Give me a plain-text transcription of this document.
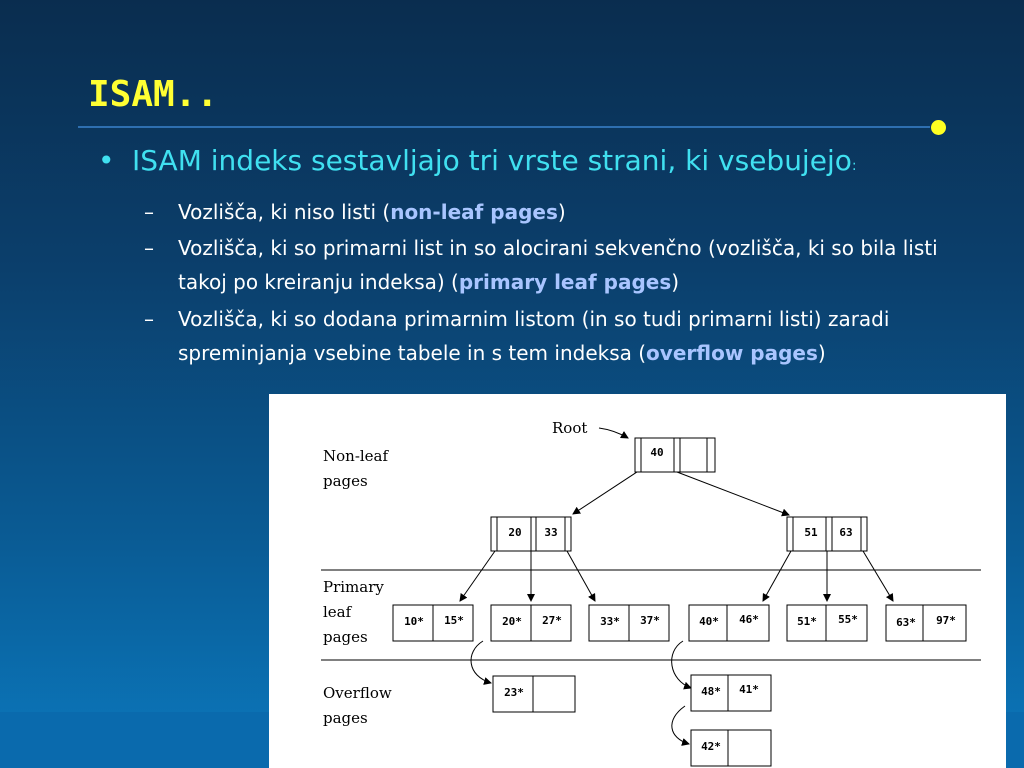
ISAM..
• ISAM indeks sestavljajo tri vrste strani, ki vsebujejo:
– Vozlišča, ki niso listi (non-leaf pages)
– Vozlišča, ki so primarni list in so alocirani sekvenčno (vozlišča, ki so bila listi takoj po kreiranju indeksa) (primary leaf pages)
– Vozlišča, ki so dodana primarnim listom (in so tudi primarni listi) zaradi spreminjanja vsebine tabele in s tem indeksa (overflow pages)
Non-leaf
pages
Primary
leaf
pages
Overflow
pages
Root
40
20 33	51 63
10* 15*	20* 27*	33* 37*	40* 46*	51* 55*	63* 97*
23*	48* 41*
42*
